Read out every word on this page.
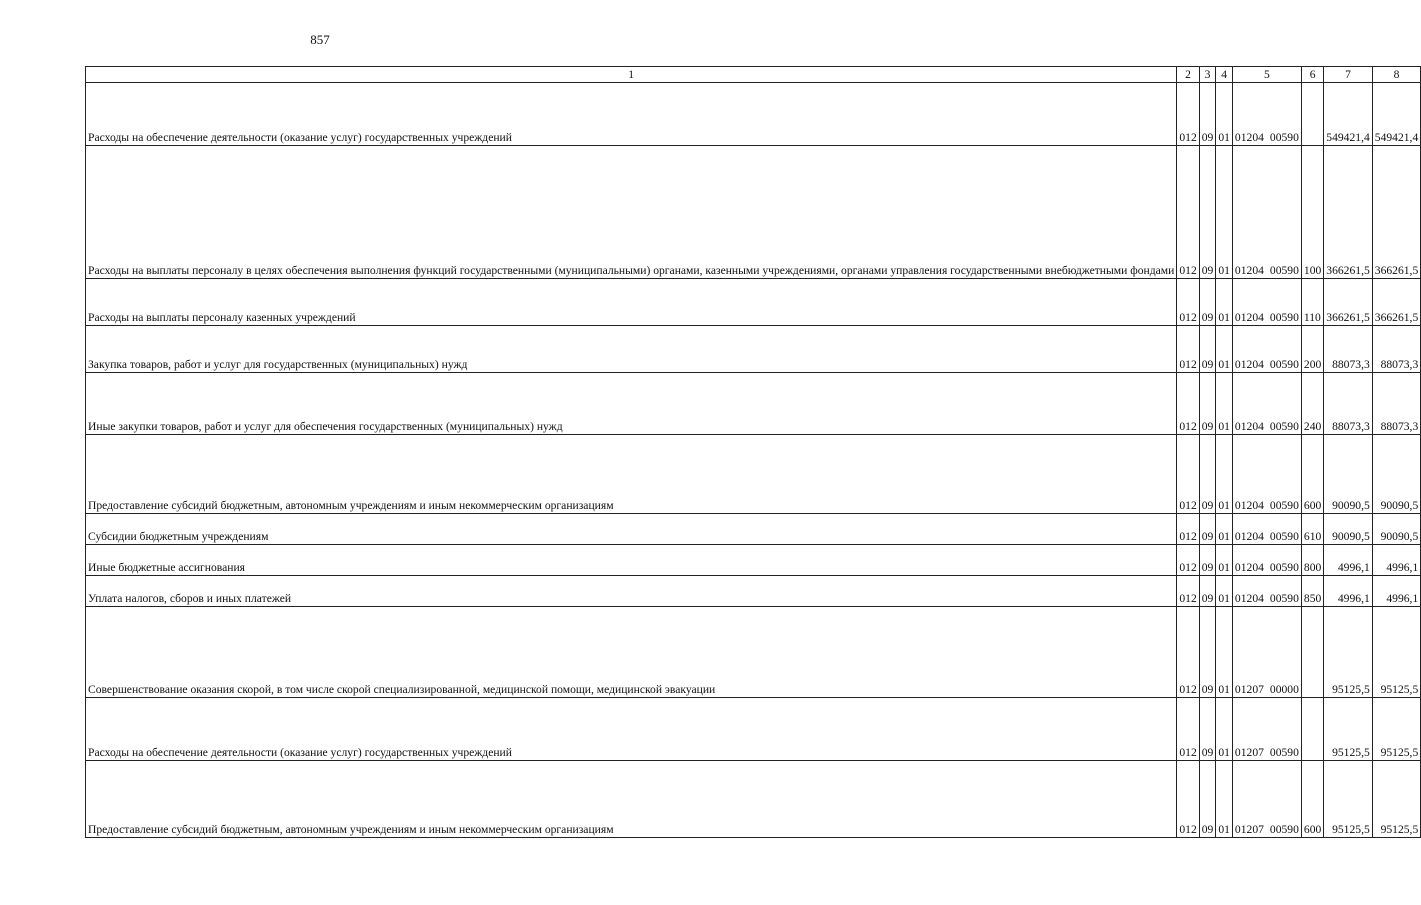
857
1	2	3	4	5	6	7	8
Расходы на обеспечение деятельности (оказание услуг) государственных учреждений	012	09	01	01204 00590		549421,4	549421,4
Расходы на выплаты персоналу в целях обеспечения выполнения функций государственными (муниципальными) органами, казенными учреждениями, органами управления государственными внебюджетными фондами	012	09	01	01204 00590	100	366261,5	366261,5
Расходы на выплаты персоналу казенных учреждений	012	09	01	01204 00590	110	366261,5	366261,5
Закупка товаров, работ и услуг для государственных (муниципальных) нужд	012	09	01	01204 00590	200	88073,3	88073,3
Иные закупки товаров, работ и услуг для обеспечения государственных (муниципальных) нужд	012	09	01	01204 00590	240	88073,3	88073,3
Предоставление субсидий бюджетным, автономным учреждениям и иным некоммерческим организациям	012	09	01	01204 00590	600	90090,5	90090,5
Субсидии бюджетным учреждениям	012	09	01	01204 00590	610	90090,5	90090,5
Иные бюджетные ассигнования	012	09	01	01204 00590	800	4996,1	4996,1
Уплата налогов, сборов и иных платежей	012	09	01	01204 00590	850	4996,1	4996,1
Совершенствование оказания скорой, в том числе скорой специализированной, медицинской помощи, медицинской эвакуации	012	09	01	01207 00000		95125,5	95125,5
Расходы на обеспечение деятельности (оказание услуг) государственных учреждений	012	09	01	01207 00590		95125,5	95125,5
Предоставление субсидий бюджетным, автономным учреждениям и иным некоммерческим организациям	012	09	01	01207 00590	600	95125,5	95125,5
